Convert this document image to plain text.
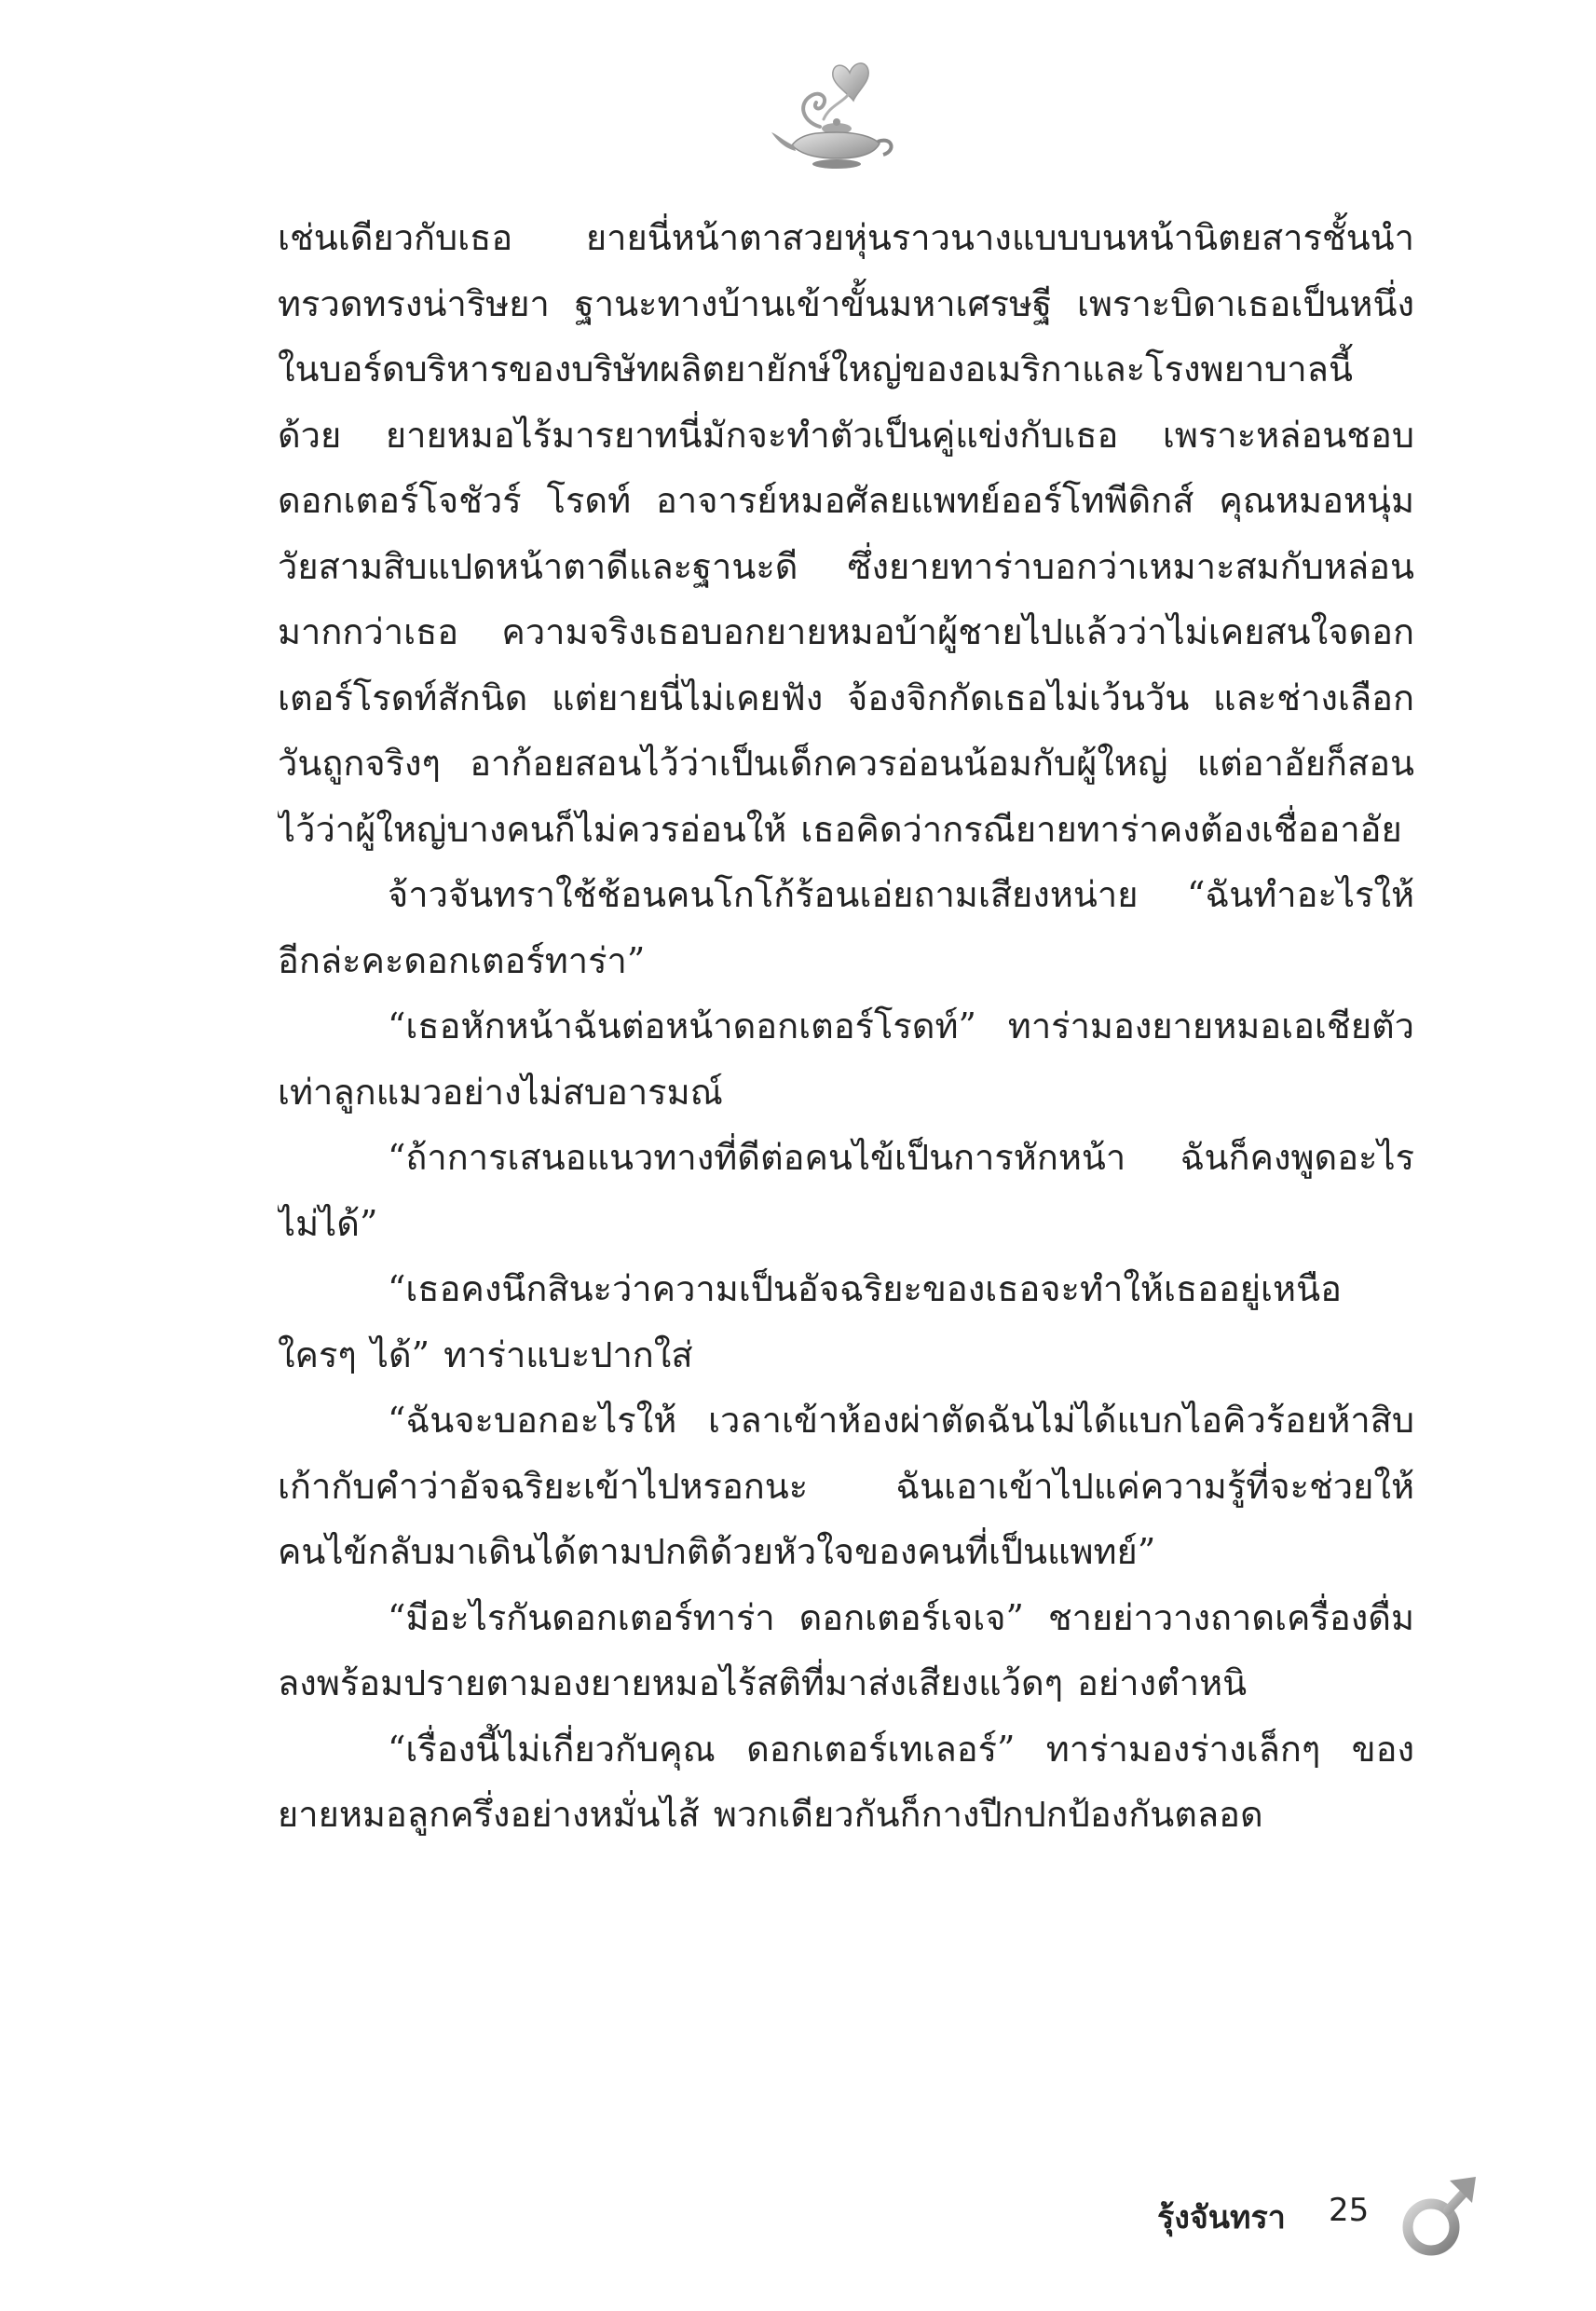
เช่นเดียวกับเธอ ยายนี่หน้าตาสวยหุ่นราวนางแบบบนหน้านิตยสารชั้นนำ ทรวดทรงน่าริษยา ฐานะทางบ้านเข้าขั้นมหาเศรษฐี เพราะบิดาเธอเป็นหนึ่งในบอร์ดบริหารของบริษัทผลิตยายักษ์ใหญ่ของอเมริกาและโรงพยาบาลนี้ด้วย ยายหมอไร้มารยาทนี่มักจะทำตัวเป็นคู่แข่งกับเธอ เพราะหล่อนชอบ ดอกเตอร์โจชัวร์ โรดท์ อาจารย์หมอศัลยแพทย์ออร์โทพีดิกส์ คุณหมอหนุ่มวัยสามสิบแปดหน้าตาดีและฐานะดี ซึ่งยายทาร่าบอกว่าเหมาะสมกับหล่อนมากกว่าเธอ ความจริงเธอบอกยายหมอบ้าผู้ชายไปแล้วว่าไม่เคยสนใจดอกเตอร์โรดท์สักนิด แต่ยายนี่ไม่เคยฟัง จ้องจิกกัดเธอไม่เว้นวัน และช่างเลือกวันถูกจริงๆ อาก้อยสอนไว้ว่าเป็นเด็กควรอ่อนน้อมกับผู้ใหญ่ แต่อาอัยก็สอนไว้ว่าผู้ใหญ่บางคนก็ไม่ควรอ่อนให้ เธอคิดว่ากรณียายทาร่าคงต้องเชื่ออาอัย

จ้าวจันทราใช้ช้อนคนโกโก้ร้อนเอ่ยถามเสียงหน่าย “ฉันทำอะไรให้อีกล่ะคะดอกเตอร์ทาร่า”

“เธอหักหน้าฉันต่อหน้าดอกเตอร์โรดท์” ทาร่ามองยายหมอเอเชียตัวเท่าลูกแมวอย่างไม่สบอารมณ์

“ถ้าการเสนอแนวทางที่ดีต่อคนไข้เป็นการหักหน้า ฉันก็คงพูดอะไรไม่ได้”

“เธอคงนึกสินะว่าความเป็นอัจฉริยะของเธอจะทำให้เธออยู่เหนือใครๆ ได้” ทาร่าแบะปากใส่

“ฉันจะบอกอะไรให้ เวลาเข้าห้องผ่าตัดฉันไม่ได้แบกไอคิวร้อยห้าสิบเก้ากับคำว่าอัจฉริยะเข้าไปหรอกนะ ฉันเอาเข้าไปแค่ความรู้ที่จะช่วยให้คนไข้กลับมาเดินได้ตามปกติด้วยหัวใจของคนที่เป็นแพทย์”

“มีอะไรกันดอกเตอร์ทาร่า ดอกเตอร์เจเจ” ชายย่าวางถาดเครื่องดื่มลงพร้อมปรายตามองยายหมอไร้สติที่มาส่งเสียงแว้ดๆ อย่างตำหนิ

“เรื่องนี้ไม่เกี่ยวกับคุณ ดอกเตอร์เทเลอร์” ทาร่ามองร่างเล็กๆ ของยายหมอลูกครึ่งอย่างหมั่นไส้ พวกเดียวกันก็กางปีกปกป้องกันตลอด

รุ้งจันทรา 25
